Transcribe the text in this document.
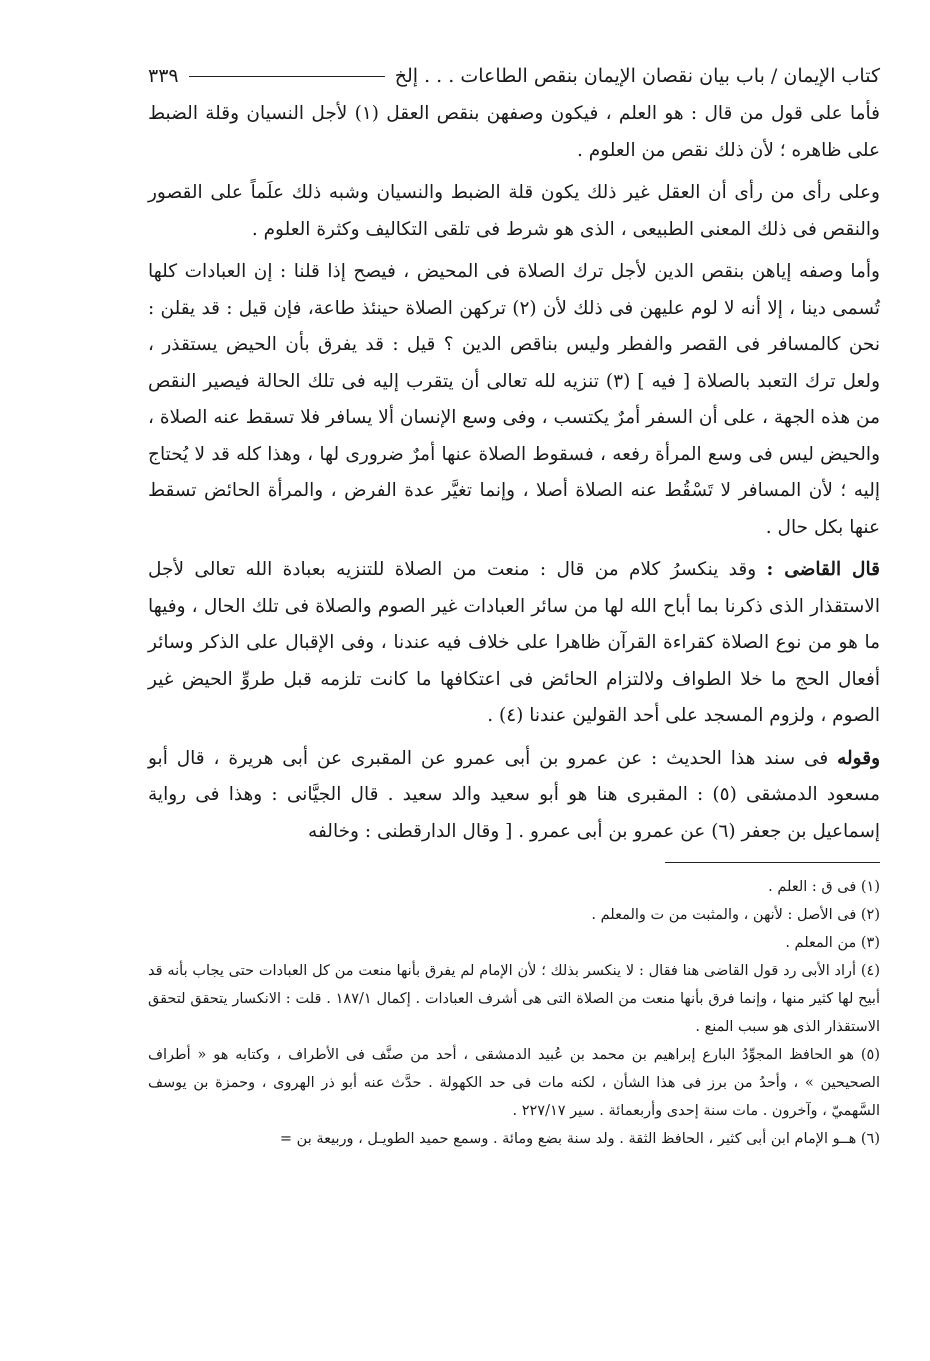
كتاب الإيمان / باب بيان نقصان الإيمان بنقص الطاعات . . . إلخ
٣٣٩

فأما على قول من قال : هو العلم ، فيكون وصفهن بنقص العقل (١) لأجل النسيان وقلة الضبط على ظاهره ؛ لأن ذلك نقص من العلوم .

وعلى رأى من رأى أن العقل غير ذلك يكون قلة الضبط والنسيان وشبه ذلك علَماً على القصور والنقص فى ذلك المعنى الطبيعى ، الذى هو شرط فى تلقى التكاليف وكثرة العلوم .

وأما وصفه إياهن بنقص الدين لأجل ترك الصلاة فى المحيض ، فيصح إذا قلنا : إن العبادات كلها تُسمى دينا ، إلا أنه لا لوم عليهن فى ذلك لأن (٢) تركهن الصلاة حينئذ طاعة، فإن قيل : قد يقلن : نحن كالمسافر فى القصر والفطر وليس بناقص الدين ؟ قيل : قد يفرق بأن الحيض يستقذر ، ولعل ترك التعبد بالصلاة [ فيه ] (٣) تنزيه لله تعالى أن يتقرب إليه فى تلك الحالة فيصير النقص من هذه الجهة ، على أن السفر أمرٌ يكتسب ، وفى وسع الإنسان ألا يسافر فلا تسقط عنه الصلاة ، والحيض ليس فى وسع المرأة رفعه ، فسقوط الصلاة عنها أمرٌ ضرورى لها ، وهذا كله قد لا يُحتاج إليه ؛ لأن المسافر لا تَسْقُط عنه الصلاة أصلا ، وإنما تغيَّر عدة الفرض ، والمرأة الحائض تسقط عنها بكل حال .

قال القاضى : وقد ينكسرُ كلام من قال : منعت من الصلاة للتنزيه بعبادة الله تعالى لأجل الاستقذار الذى ذكرنا بما أباح الله لها من سائر العبادات غير الصوم والصلاة فى تلك الحال ، وفيها ما هو من نوع الصلاة كقراءة القرآن ظاهرا على خلاف فيه عندنا ، وفى الإقبال على الذكر وسائر أفعال الحج ما خلا الطواف ولالتزام الحائض فى اعتكافها ما كانت تلزمه قبل طروِّ الحيض غير الصوم ، ولزوم المسجد على أحد القولين عندنا (٤) .

وقوله فى سند هذا الحديث : عن عمرو بن أبى عمرو عن المقبرى عن أبى هريرة ، قال أبو مسعود الدمشقى (٥) : المقبرى هنا هو أبو سعيد والد سعيد . قال الجيَّانى : وهذا فى رواية إسماعيل بن جعفر (٦) عن عمرو بن أبى عمرو . [ وقال الدارقطنى : وخالفه

(١) فى ق : العلم .

(٢) فى الأصل : لأنهن ، والمثبت من ت والمعلم .

(٣) من المعلم .

(٤) أراد الأبى رد قول القاضى هنا فقال : لا ينكسر بذلك ؛ لأن الإمام لم يفرق بأنها منعت من كل العبادات حتى يجاب بأنه قد أبيح لها كثير منها ، وإنما فرق بأنها منعت من الصلاة التى هى أشرف العبادات . إكمال ١٨٧/١ . قلت : الانكسار يتحقق لتحقق الاستقذار الذى هو سبب المنع .

(٥) هو الحافظ المجوِّدُ البارع إبراهيم بن محمد بن عُبيد الدمشقى ، أحد من صنَّف فى الأطراف ، وكتابه هو « أطراف الصحيحين » ، وأحدُ من برز فى هذا الشأن ، لكنه مات فى حد الكهولة . حدَّث عنه أبو ذر الهروى ، وحمزة بن يوسف السَّهميّ ، وآخرون . مات سنة إحدى وأربعمائة . سير ٢٢٧/١٧ .

(٦) هــو الإمام ابن أبى كثير ، الحافظ الثقة . ولد سنة بضع ومائة . وسمع حميد الطويـل ، وربيعة بن =
